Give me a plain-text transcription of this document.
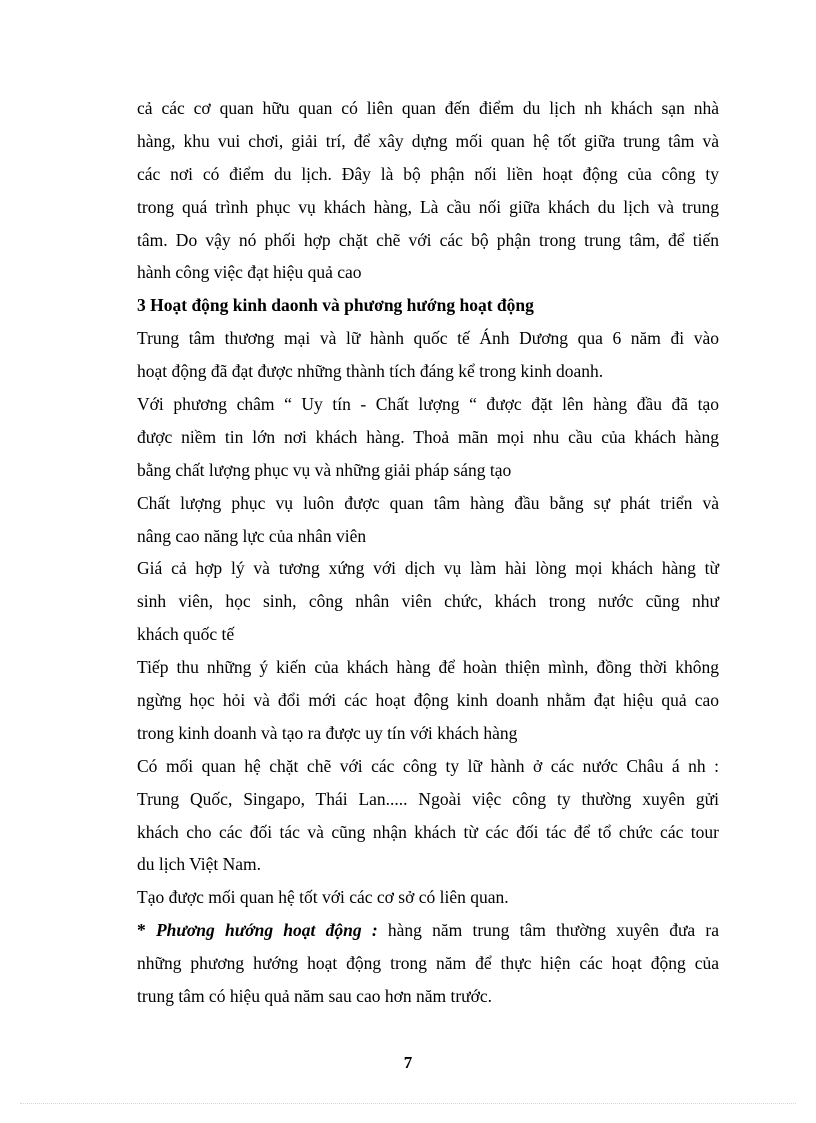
cả các cơ quan hữu quan có liên quan đến điểm du lịch nh khách sạn nhà
hàng, khu vui chơi, giải trí, để xây dựng mối quan hệ tốt giữa trung tâm và
các nơi có điểm du lịch. Đây là bộ phận nối liền hoạt động của công ty
trong quá trình phục vụ khách hàng, Là cầu nối giữa khách du lịch và trung
tâm. Do vậy nó phối hợp chặt chẽ với các bộ phận trong trung tâm, để tiến
hành công việc đạt hiệu quả cao
3 Hoạt động kinh daonh và phương hướng hoạt động
Trung tâm thương mại và lữ hành quốc tế Ánh Dương qua 6 năm đi vào
hoạt động đã đạt được những thành tích đáng kể trong kinh doanh.
Với phương châm “ Uy tín - Chất lượng “ được đặt lên hàng đầu đã tạo
được niềm tin lớn nơi khách hàng. Thoả mãn mọi nhu cầu của khách hàng
bằng chất lượng phục vụ và những giải pháp sáng tạo
Chất lượng phục vụ luôn được quan tâm hàng đầu bằng sự phát triển và
nâng cao năng lực của nhân viên
Giá cả hợp lý và tương xứng với dịch vụ làm hài lòng mọi khách hàng từ
sinh viên, học sinh, công nhân viên chức, khách trong nước cũng như
khách quốc tế
Tiếp thu những ý kiến của khách hàng để hoàn thiện mình, đồng thời không
ngừng học hỏi và đổi mới các hoạt động kinh doanh nhằm đạt hiệu quả cao
trong kinh doanh và tạo ra được uy tín với khách hàng
Có mối quan hệ chặt chẽ với các công ty lữ hành ở các nước Châu á nh :
Trung Quốc, Singapo, Thái Lan..... Ngoài việc công ty thường xuyên gửi
khách cho các đối tác và cũng nhận khách từ các đối tác để tổ chức các tour
du lịch Việt Nam.
Tạo được mối quan hệ tốt với các cơ sở có liên quan.
* Phương hướng hoạt động : hàng năm trung tâm thường xuyên đưa ra
những phương hướng hoạt động trong năm để thực hiện các hoạt động của
trung tâm có hiệu quả năm sau cao hơn năm trước.
7
